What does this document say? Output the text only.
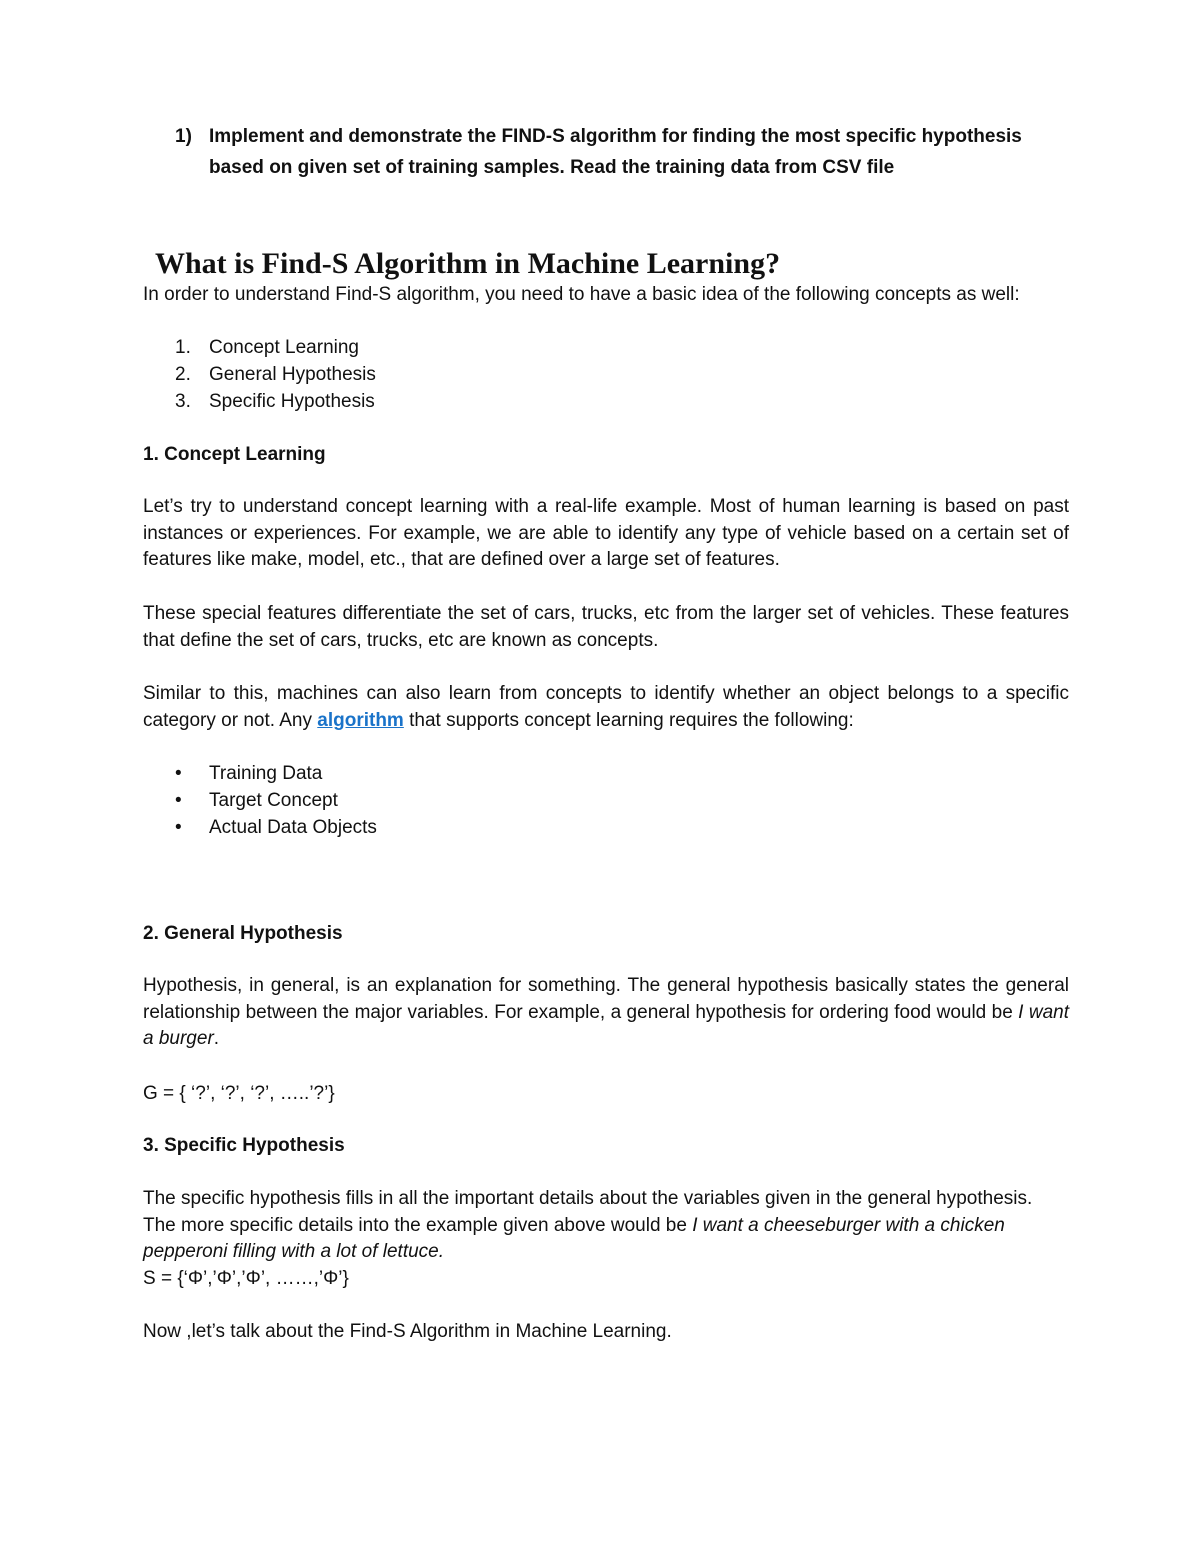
1) Implement and demonstrate the FIND-S algorithm for finding the most specific hypothesis
based on given set of training samples. Read the training data from CSV file
What is Find-S Algorithm in Machine Learning?
In order to understand Find-S algorithm, you need to have a basic idea of the following concepts as well:
1. Concept Learning
2. General Hypothesis
3. Specific Hypothesis
1. Concept Learning
Let’s try to understand concept learning with a real-life example. Most of human learning is based on past instances or experiences. For example, we are able to identify any type of vehicle based on a certain set of features like make, model, etc., that are defined over a large set of features.
These special features differentiate the set of cars, trucks, etc from the larger set of vehicles. These features that define the set of cars, trucks, etc are known as concepts.
Similar to this, machines can also learn from concepts to identify whether an object belongs to a specific category or not. Any algorithm that supports concept learning requires the following:
• Training Data
• Target Concept
• Actual Data Objects
2. General Hypothesis
Hypothesis, in general, is an explanation for something. The general hypothesis basically states the general relationship between the major variables. For example, a general hypothesis for ordering food would be I want a burger.
G = { ‘?’, ‘?’, ‘?’, …..’?’}
3. Specific Hypothesis
The specific hypothesis fills in all the important details about the variables given in the general hypothesis. The more specific details into the example given above would be I want a cheeseburger with a chicken pepperoni filling with a lot of lettuce.
S = {‘Φ’,’Φ’,’Φ’, ……,’Φ’}
Now ,let’s talk about the Find-S Algorithm in Machine Learning.
